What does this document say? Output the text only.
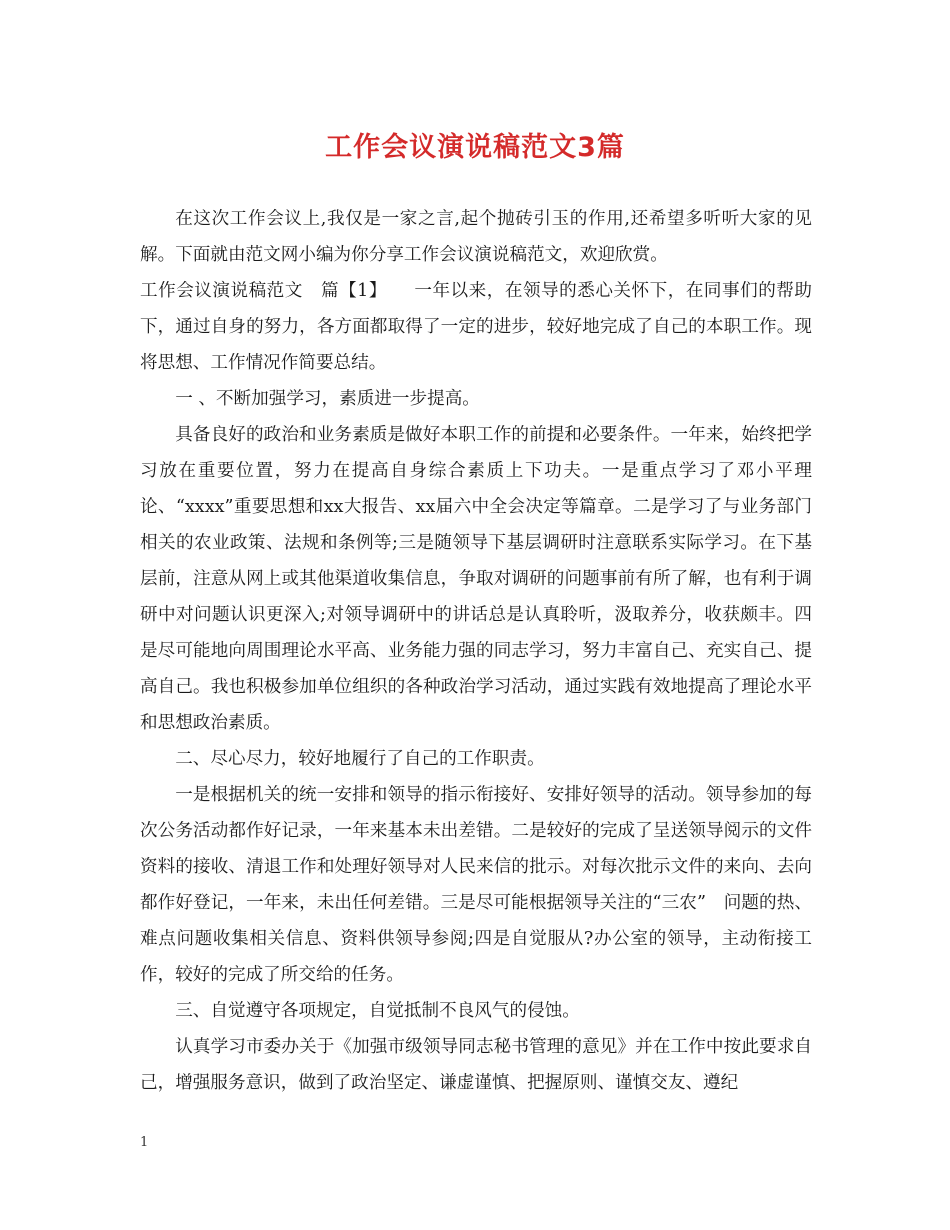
工作会议演说稿范文3篇

在这次工作会议上,我仅是一家之言,起个抛砖引玉的作用,还希望多听听大家的见解。下面就由范文网小编为你分享工作会议演说稿范文，欢迎欣赏。

工作会议演说稿范文　篇【1】　　一年以来，在领导的悉心关怀下，在同事们的帮助下，通过自身的努力，各方面都取得了一定的进步，较好地完成了自己的本职工作。现将思想、工作情况作简要总结。

一 、不断加强学习，素质进一步提高。

具备良好的政治和业务素质是做好本职工作的前提和必要条件。一年来，始终把学习放在重要位置，努力在提高自身综合素质上下功夫。一是重点学习了邓小平理论、“xxxx”重要思想和xx大报告、xx届六中全会决定等篇章。二是学习了与业务部门相关的农业政策、法规和条例等;三是随领导下基层调研时注意联系实际学习。在下基层前，注意从网上或其他渠道收集信息，争取对调研的问题事前有所了解，也有利于调研中对问题认识更深入;对领导调研中的讲话总是认真聆听，汲取养分，收获颇丰。四是尽可能地向周围理论水平高、业务能力强的同志学习，努力丰富自己、充实自己、提高自己。我也积极参加单位组织的各种政治学习活动，通过实践有效地提高了理论水平和思想政治素质。

二、尽心尽力，较好地履行了自己的工作职责。

一是根据机关的统一安排和领导的指示衔接好、安排好领导的活动。领导参加的每次公务活动都作好记录，一年来基本未出差错。二是较好的完成了呈送领导阅示的文件资料的接收、清退工作和处理好领导对人民来信的批示。对每次批示文件的来向、去向都作好登记，一年来，未出任何差错。三是尽可能根据领导关注的“三农”　问题的热、难点问题收集相关信息、资料供领导参阅;四是自觉服从?办公室的领导，主动衔接工作，较好的完成了所交给的任务。

三、自觉遵守各项规定，自觉抵制不良风气的侵蚀。

认真学习市委办关于《加强市级领导同志秘书管理的意见》并在工作中按此要求自己，增强服务意识，做到了政治坚定、谦虚谨慎、把握原则、谨慎交友、遵纪

1
